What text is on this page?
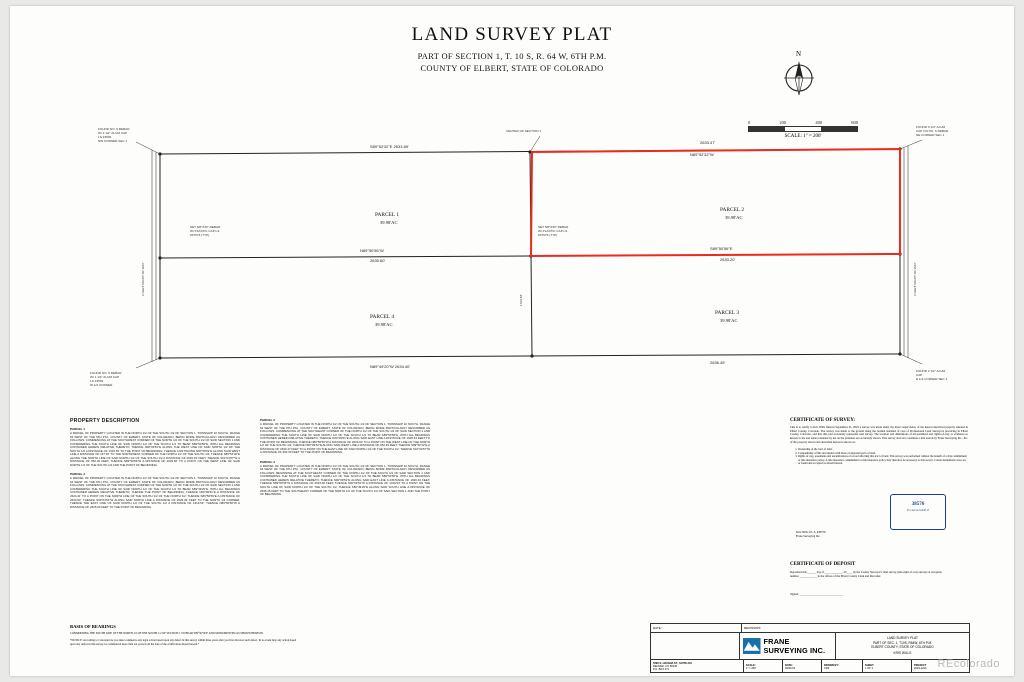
LAND SURVEY PLAT
PART OF SECTION 1, T. 10 S, R. 64 W, 6TH P.M.
COUNTY OF ELBERT, STATE OF COLORADO
N
0	200	400	600
SCALE: 1" = 200'
S89°52'32"E 2633.89'
2633.47'
N89°52'32"W
N89°50'56"W
2635.60'
S89°50'56"E
2633.20'
N89°49'20"W 2634.40'
2636.45'
PARCEL 1
39.98'AC
PARCEL 2
39.98'AC
PARCEL 4
39.98'AC
PARCEL 3
39.98'AC
SET 5/8"X30" REBAR
W/ PLASTIC CAP LS
#37576 (TYP)
SET 5/8"X30" REBAR
W/ PLASTIC CAP LS
#37576 (TYP)
FOUND NO. 6 REBAR
W/ 2 1/2" ALUM CAP
LS 23539
NW CORNER SEC 1
FOUND 3 1/4" ALUM
CAP ON NO. 6 REBAR
NE CORNER SEC 1
FOUND NO. 5 REBAR
W/ 1 1/4" ALUM CAP
LS 23539
W 1/4 CORNER
FOUND 2 1/2" ALUM
CAP
E 1/4 CORNER SEC 1
CENTER OF SECTION 1
2 FEET RIGHT OF WAY	2 FEET RIGHT OF WAY
1319.53'
PROPERTY DESCRIPTION
PARCEL 1
A PARCEL OF PROPERTY LOCATED IN THE NORTH 1/2 OF THE SOUTH 1/2 OF SECTION 1, TOWNSHIP 10 SOUTH, RANGE 64 WEST OF THE 6TH P.M., COUNTY OF ELBERT, STATE OF COLORADO, BEING MORE PARTICULARLY DESCRIBED AS FOLLOWS: COMMENCING AT THE SOUTHWEST CORNER OF THE NORTH 1/2 OF THE SOUTH 1/2 OF SAID SECTION 1 AND CONSIDERING THE SOUTH LINE OF SAID NORTH 1/2 OF THE SOUTH 1/2 TO BEAR S89°50'56"E, WITH ALL BEARINGS CONTAINED HEREIN RELATIVE THERETO; THENCE N00°09'51"E ALONG THE WEST LINE OF SAID NORTH 1/2 OF THE SOUTH 1/2 A DISTANCE OF 1319.53' TO THE POINT OF BEGINNING; THENCE CONTINUING N00°09'51"E ALONG SAID WEST LINE A DISTANCE OF 167.30' TO THE NORTHWEST CORNER OF THE NORTH 1/2 OF THE SOUTH 1/2; THENCE S89°52'32"E ALONG THE NORTH LINE OF SAID NORTH 1/2 OF THE SOUTH 1/2 A DISTANCE OF 2633.33' FEET; THENCE S01°04'57"W A DISTANCE OF 652.49 FEET; THENCE N89°50'56"W A DISTANCE OF 2633.60' TO A POINT ON THE WEST LINE OF SAID NORTH 1/2 OF THE SOUTH 1/2 AND THE POINT OF BEGINNING.
PARCEL 4
A PARCEL OF PROPERTY LOCATED IN THE NORTH 1/2 OF THE SOUTH 1/2 OF SECTION 1, TOWNSHIP 10 SOUTH, RANGE 64 WEST OF THE 6TH P.M., COUNTY OF ELBERT, STATE OF COLORADO, BEING MORE PARTICULARLY DESCRIBED AS FOLLOWS: COMMENCING AT THE SOUTHWEST CORNER OF THE NORTH 1/2 OF THE SOUTH 1/2 OF SAID SECTION 1 AND CONSIDERING THE SOUTH LINE OF SAID NORTH 1/2 OF THE SOUTH 1/2 TO BEAR S89°49'20"E, WITH ALL BEARINGS CONTAINED HEREIN RELATIVE THERETO; THENCE THE POINT OF BEGINNING; THENCE N00°09'51"E A DISTANCE OF 2624.41' TO A POINT ON THE NORTH LINE OF THE SOUTH 1/2 OF THE NORTH 1/2; THENCE S89°50'56"E A DISTANCE OF 2633.60'; THENCE S00°04'51"W ALONG SAID NORTH LINE A DISTANCE OF 2625.39' FEET TO THE NORTH 1/4 CORNER; THENCE THE EAST LINE OF SAID NORTH 1/2 OF THE SOUTH 1/2 A DISTANCE OF 1319.53'; THENCE N89°50'56"W A DISTANCE OF 2625.00 FEET TO THE POINT OF BEGINNING.
PARCEL 2
A PARCEL OF PROPERTY LOCATED IN THE NORTH 1/2 OF THE SOUTH 1/2 OF SECTION 1, TOWNSHIP 10 SOUTH, RANGE 64 WEST OF THE 6TH P.M., COUNTY OF ELBERT, STATE OF COLORADO, BEING MORE PARTICULARLY DESCRIBED AS FOLLOWS: COMMENCING AT THE SOUTHEAST CORNER OF THE NORTH 1/2 OF THE SOUTH 1/2 OF SAID SECTION 1 AND CONSIDERING THE SOUTH LINE OF SAID NORTH 1/2 OF THE SOUTH 1/2 TO BEAR S89°50'56"E, WITH ALL BEARINGS CONTAINED HEREIN RELATIVE THERETO; THENCE N00°09'51"E ALONG SAID EAST LINE A DISTANCE OF 1926.43 FEET TO THE POINT OF BEGINNING; THENCE N89°50'56"W A DISTANCE OF 2633.60' TO A POINT ON THE WEST LINE OF THE NORTH 1/2 OF THE SOUTH 1/2; THENCE N00°09'51"E ALONG SAID WEST LINE A DISTANCE OF 652.49 FEET; THENCE S89°52'32"E A DISTANCE OF 2633.47 FEET TO A POINT ON THE EAST LINE OF SAID NORTH 1/2 OF THE SOUTH 1/2; THENCE S01°04'57"W A DISTANCE OF 652.00 FEET TO THE POINT OF BEGINNING.
PARCEL 3
A PARCEL OF PROPERTY LOCATED IN THE NORTH 1/2 OF THE SOUTH 1/2 OF SECTION 1, TOWNSHIP 10 SOUTH, RANGE 64 WEST OF THE 6TH P.M., COUNTY OF ELBERT, STATE OF COLORADO, BEING MORE PARTICULARLY DESCRIBED AS FOLLOWS: BEGINNING AT THE SOUTHEAST CORNER OF THE NORTH 1/2 OF THE SOUTH 1/2 OF SAID SECTION 1 AND CONSIDERING THE SOUTH LINE OF SAID NORTH 1/2 OF THE SOUTH 1/2 TO BEAR S89°50'56"E, WITH ALL BEARINGS CONTAINED HEREIN RELATIVE THERETO; THENCE N00°09'51"E ALONG SAID EAST LINE A DISTANCE OF 1926.43 FEET; THENCE N89°50'56"W A DISTANCE OF 2634.00 FEET; THENCE S00°09'51"W A DISTANCE OF 1319.53' TO A POINT ON THE SOUTH LINE OF SAID NORTH 1/2 OF THE SOUTH 1/2; THENCE S89°49'20"E ALONG SAID SOUTH LINE A DISTANCE OF 2636.45 FEET TO THE SOUTHEAST CORNER OF THE NORTH 1/2 OF THE SOUTH 1/2 OF SAID SECTION 1 AND THE POINT OF BEGINNING.
CERTIFICATE OF SURVEY:
This is to certify to Kris Wills Interest September 21, 2023 a survey was made under my direct supervision, of the hereon described property situated in Elbert County, Colorado. The survey was made to the ground using the normal standard of care of Professional Land Surveyors practicing in Elbert County, Colorado, and that this plat accurately represents said survey. The location and dimensions of all permitted and rights-of-way or evidence so known to me and exist/contained by me on the premises are accurately shown. This survey does not constitute a title search by Frane Surveying Inc., Inc. of the property shown and described hereon is shown as:
1. Ownership of the tract of land.
2. Compatibility of this description with those of adjacent tracts of land.
3. Rights of way, easements and encumbrances of record affecting this tract of land. This survey was performed without the benefit of a title commitment or title insurance policy. A title insurance commitment or title insurance policy may therefore be necessary to this survey. Corner monuments were set, or found and accepted as shown hereon.
38576
For and on behalf of
Kris Wills, P.L.S. #38576
Frane Surveying Inc.
CERTIFICATE OF DEPOSIT
Deposited this ______ day of ____________, 20____ by the County Surveyor's land survey plats right-of-way surveys at reception
number ____________ in the offices of the Elbert County Clerk and Recorder.
Signed: ______________________________
BASIS OF BEARINGS
CONSIDERING THE SOUTH LINE OF THE NORTH 1/2 OF THE SOUTH 1/2 OF SECTION 1 TO BEAR S89°50'56"E AND MONUMENTED AS SHOWN HEREON.
*NOTICE: According to Colorado law you must commence any legal action based upon any defect in this survey within three years after you first discover such defect. In no event may any action based upon any defect in this survey be commenced more than ten years from the date of the certification shown hereon.*
DATE:	REVISIONS:
FRANE SURVEYING INC.
LAND SURVEY PLAT
PART OF SEC. 1, T10S, R64W, 6TH P.M.
ELBERT COUNTY, STATE OF COLORADO
KRIS WILLS
5290 S. HAVANA ST., SUITE 201
DENVER, CO 80246
P.O. BOX 471
SCALE:
1" = 200'
DATE:
09/21/23
DRAWN BY:
CRF
SHEET
1 OF 1
PROJECT
2023-1234	REcolorado
